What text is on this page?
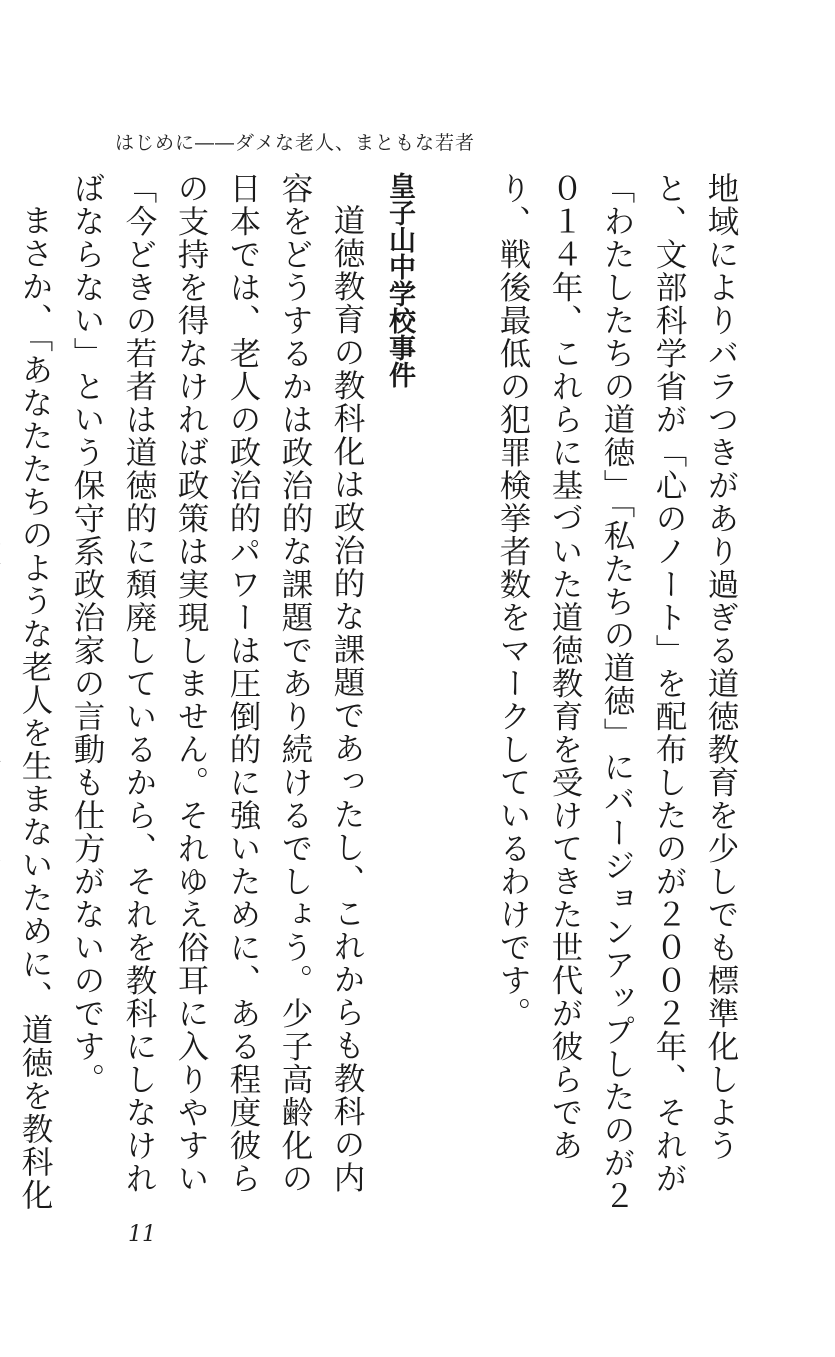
はじめに――ダメな老人、まともな若者

地域によりバラつきがあり過ぎる道徳教育を少しでも標準化しようと、文部科学省が「心のノート」を配布したのが２００２年、それが「わたしたちの道徳」「私たちの道徳」にバージョンアップしたのが２０１４年、これらに基づいた道徳教育を受けてきた世代が彼らであり、戦後最低の犯罪検挙者数をマークしているわけです。

皇子山中学校事件

道徳教育の教科化は政治的な課題であったし、これからも教科の内容をどうするかは政治的な課題であり続けるでしょう。少子高齢化の日本では、老人の政治的パワーは圧倒的に強いために、ある程度彼らの支持を得なければ政策は実現しません。それゆえ俗耳に入りやすい「今どきの若者は道徳的に頽廃しているから、それを教科にしなければならない」という保守系政治家の言動も仕方がないのです。

まさか、「あなたたちのような老人を生まないために、道徳を教科化

11
